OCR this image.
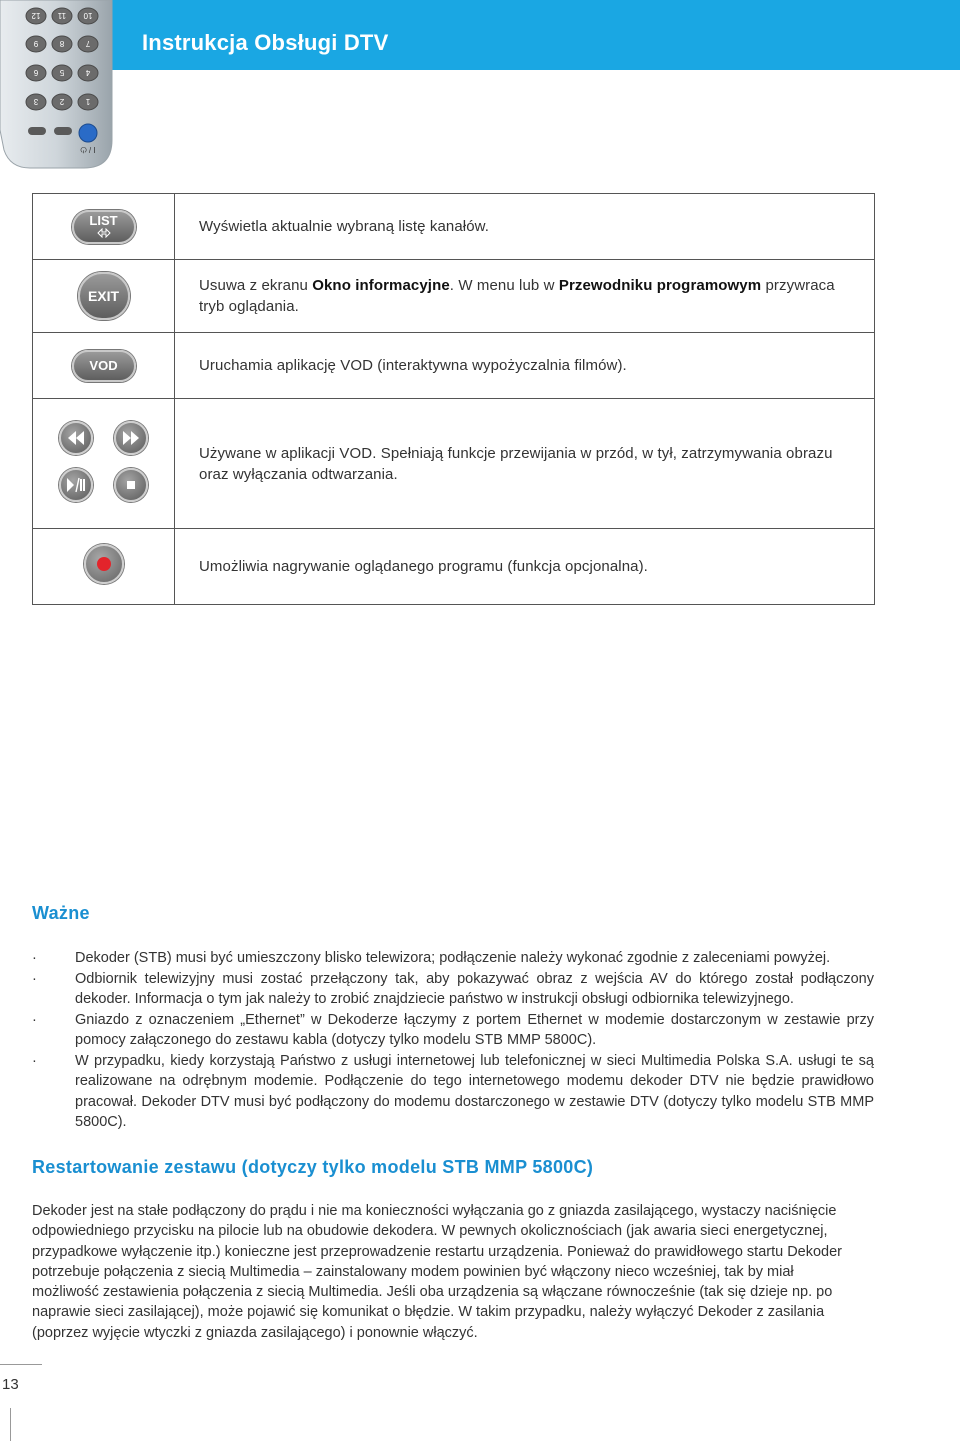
Instrukcja Obsługi DTV
12 11 10
9	8	7
6	5	4
3	2	1
I / ⏻
LIST	Wyświetla aktualnie wybraną listę kanałów.
EXIT	Usuwa z ekranu Okno informacyjne. W menu lub w Przewodniku programowym przywraca tryb oglądania.
VOD	Uruchamia aplikację VOD (interaktywna wypożyczalnia filmów).

	Używane w aplikacji VOD. Spełniają funkcje przewijania w przód, w tył, zatrzymywania obrazu oraz wyłączania odtwarzania.

	Umożliwia nagrywanie oglądanego programu (funkcja opcjonalna).
Ważne
·	Dekoder (STB) musi być umieszczony blisko telewizora; podłączenie należy wykonać zgodnie z zaleceniami powyżej.
·	Odbiornik telewizyjny musi zostać przełączony tak, aby pokazywać obraz z wejścia AV do którego został podłączony dekoder. Informacja o tym jak należy to zrobić znajdziecie państwo w instrukcji obsługi odbiornika telewizyjnego.
·	Gniazdo z oznaczeniem „Ethernet” w Dekoderze łączymy z portem Ethernet w modemie dostarczonym w zestawie przy pomocy załączonego do zestawu kabla (dotyczy tylko modelu STB MMP 5800C).
·	W przypadku, kiedy korzystają Państwo z usługi internetowej lub telefonicznej w sieci Multimedia Polska S.A. usługi te są realizowane na odrębnym modemie. Podłączenie do tego internetowego modemu dekoder DTV nie będzie prawidłowo pracował. Dekoder DTV musi być podłączony do modemu dostarczonego w zestawie DTV (dotyczy tylko modelu STB MMP 5800C).
Restartowanie zestawu (dotyczy tylko modelu STB MMP 5800C)

Dekoder jest na stałe podłączony do prądu i nie ma konieczności wyłączania go z gniazda zasilającego, wystaczy naciśnięcie odpowiedniego przycisku na pilocie lub na obudowie dekodera. W pewnych okolicznościach (jak awaria sieci energetycznej, przypadkowe wyłączenie itp.) konieczne jest przeprowadzenie restartu urządzenia. Ponieważ do prawidłowego startu Dekoder potrzebuje połączenia z siecią Multimedia – zainstalowany modem powinien być włączony nieco wcześniej, tak by miał możliwość zestawienia połączenia z siecią Multimedia. Jeśli oba urządzenia są włączane równocześnie (tak się dzieje np. po naprawie sieci zasilającej), może pojawić się komunikat o błędzie. W takim przypadku, należy wyłączyć Dekoder z zasilania (poprzez wyjęcie wtyczki z gniazda zasilającego) i ponownie włączyć.

13
